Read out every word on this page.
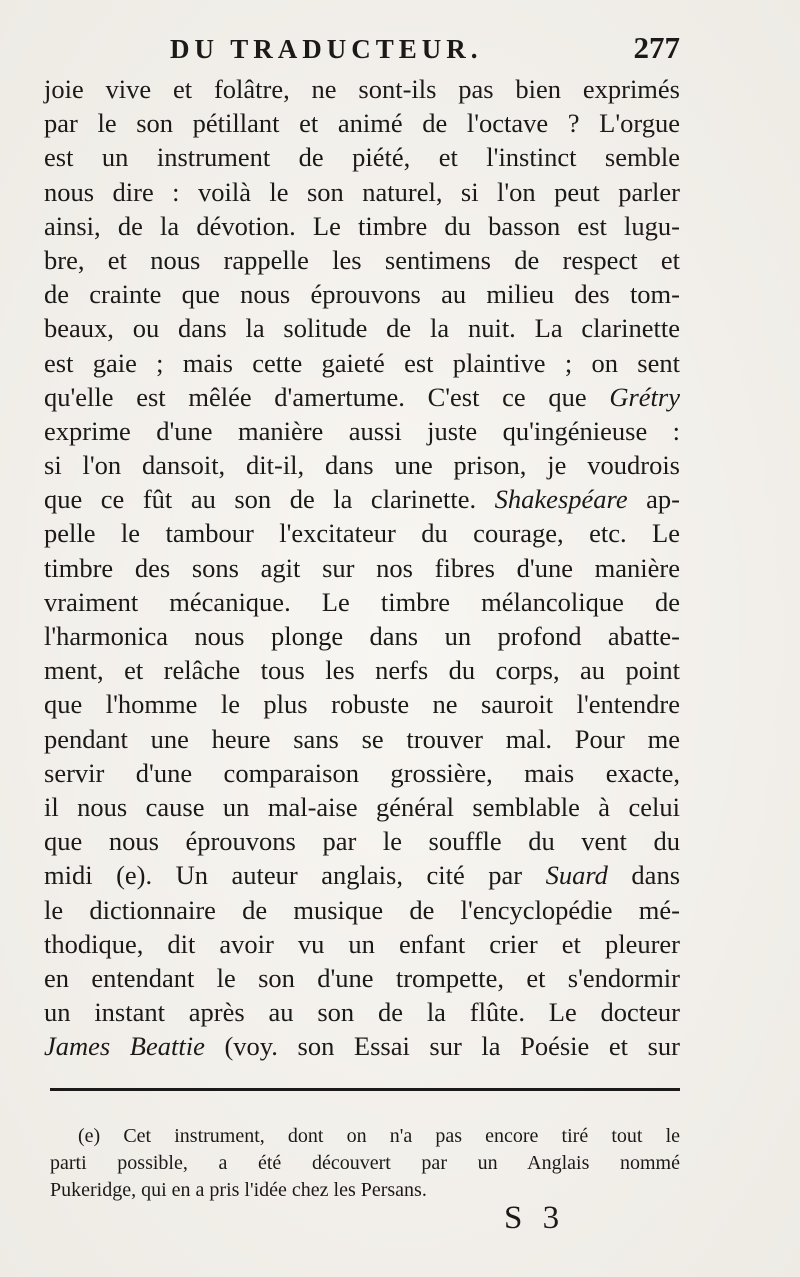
DU TRADUCTEUR.	277
joie vive et folâtre, ne sont-ils pas bien exprimés
par le son pétillant et animé de l'octave ? L'orgue
est un instrument de piété, et l'instinct semble
nous dire : voilà le son naturel, si l'on peut parler
ainsi, de la dévotion. Le timbre du basson est lugu-
bre, et nous rappelle les sentimens de respect et
de crainte que nous éprouvons au milieu des tom-
beaux, ou dans la solitude de la nuit. La clarinette
est gaie ; mais cette gaieté est plaintive ; on sent
qu'elle est mêlée d'amertume. C'est ce que Grétry
exprime d'une manière aussi juste qu'ingénieuse :
si l'on dansoit, dit-il, dans une prison, je voudrois
que ce fût au son de la clarinette. Shakespéare ap-
pelle le tambour l'excitateur du courage, etc. Le
timbre des sons agit sur nos fibres d'une manière
vraiment mécanique. Le timbre mélancolique de
l'harmonica nous plonge dans un profond abatte-
ment, et relâche tous les nerfs du corps, au point
que l'homme le plus robuste ne sauroit l'entendre
pendant une heure sans se trouver mal. Pour me
servir d'une comparaison grossière, mais exacte,
il nous cause un mal-aise général semblable à celui
que nous éprouvons par le souffle du vent du
midi (e). Un auteur anglais, cité par Suard dans
le dictionnaire de musique de l'encyclopédie mé-
thodique, dit avoir vu un enfant crier et pleurer
en entendant le son d'une trompette, et s'endormir
un instant après au son de la flûte. Le docteur
James Beattie (voy. son Essai sur la Poésie et sur
(e) Cet instrument, dont on n'a pas encore tiré tout le
parti possible, a été découvert par un Anglais nommé
Pukeridge, qui en a pris l'idée chez les Persans.
S 3
